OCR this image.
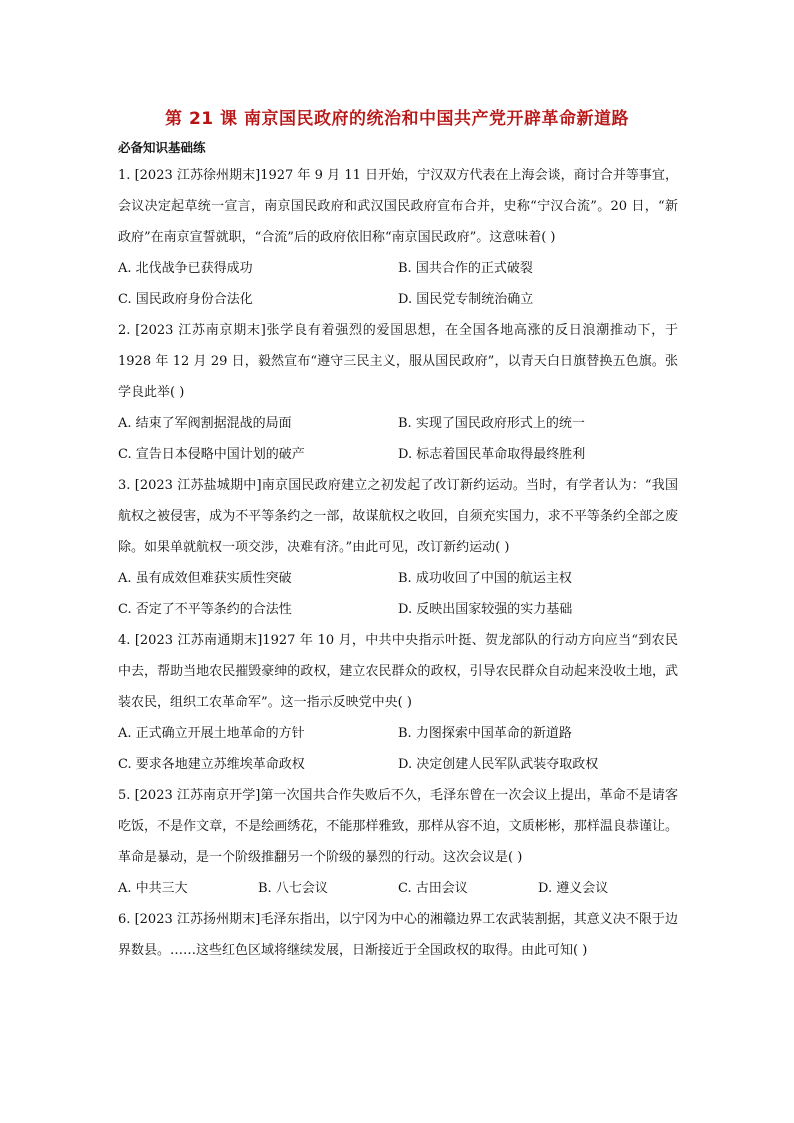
第 21 课 南京国民政府的统治和中国共产党开辟革命新道路
必备知识基础练

1. [2023 江苏徐州期末]1927 年 9 月 11 日开始，宁汉双方代表在上海会谈，商讨合并等事宜，会议决定起草统一宣言，南京国民政府和武汉国民政府宣布合并，史称“宁汉合流”。20 日，“新政府”在南京宣誓就职，“合流”后的政府依旧称“南京国民政府”。这意味着( )

A. 北伐战争已获得成功	B. 国共合作的正式破裂
C. 国民政府身份合法化	D. 国民党专制统治确立

2. [2023 江苏南京期末]张学良有着强烈的爱国思想，在全国各地高涨的反日浪潮推动下，于 1928 年 12 月 29 日，毅然宣布“遵守三民主义，服从国民政府”，以青天白日旗替换五色旗。张学良此举( )

A. 结束了军阀割据混战的局面	B. 实现了国民政府形式上的统一
C. 宣告日本侵略中国计划的破产	D. 标志着国民革命取得最终胜利

3. [2023 江苏盐城期中]南京国民政府建立之初发起了改订新约运动。当时，有学者认为：“我国航权之被侵害，成为不平等条约之一部，故谋航权之收回，自须充实国力，求不平等条约全部之废除。如果单就航权一项交涉，决难有济。”由此可见，改订新约运动( )

A. 虽有成效但难获实质性突破	B. 成功收回了中国的航运主权
C. 否定了不平等条约的合法性	D. 反映出国家较强的实力基础

4. [2023 江苏南通期末]1927 年 10 月，中共中央指示叶挺、贺龙部队的行动方向应当“到农民中去，帮助当地农民摧毁豪绅的政权，建立农民群众的政权，引导农民群众自动起来没收土地，武装农民，组织工农革命军”。这一指示反映党中央( )

A. 正式确立开展土地革命的方针	B. 力图探索中国革命的新道路
C. 要求各地建立苏维埃革命政权	D. 决定创建人民军队武装夺取政权

5. [2023 江苏南京开学]第一次国共合作失败后不久，毛泽东曾在一次会议上提出，革命不是请客吃饭，不是作文章，不是绘画绣花，不能那样雅致，那样从容不迫，文质彬彬，那样温良恭谨让。革命是暴动，是一个阶级推翻另一个阶级的暴烈的行动。这次会议是( )

A. 中共三大	B. 八七会议	C. 古田会议	D. 遵义会议

6. [2023 江苏扬州期末]毛泽东指出，以宁冈为中心的湘赣边界工农武装割据，其意义决不限于边界数县。……这些红色区域将继续发展，日渐接近于全国政权的取得。由此可知( )
